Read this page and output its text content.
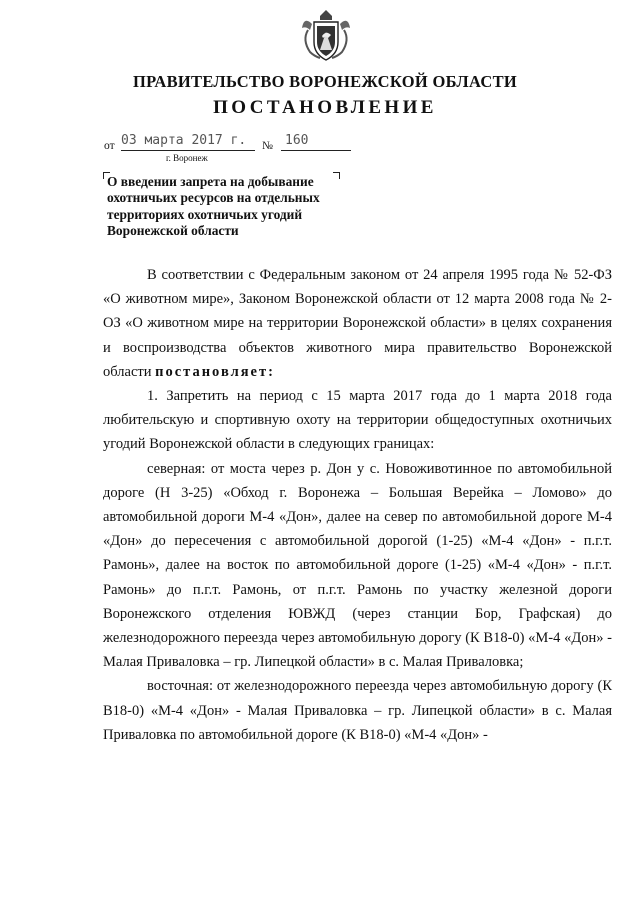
ПРАВИТЕЛЬСТВО ВОРОНЕЖСКОЙ ОБЛАСТИ
ПОСТАНОВЛЕНИЕ
от 03 марта 2017 г.	№ 160
г. Воронеж
О введении запрета на добывание
охотничьих ресурсов на отдельных
территориях охотничьих угодий
Воронежской области

В соответствии с Федеральным законом от 24 апреля 1995 года № 52-ФЗ «О животном мире», Законом Воронежской области от 12 марта 2008 года № 2-ОЗ «О животном мире на территории Воронежской области» в целях сохранения и воспроизводства объектов животного мира правительство Воронежской области постановляет:

1. Запретить на период с 15 марта 2017 года до 1 марта 2018 года любительскую и спортивную охоту на территории общедоступных охотничьих угодий Воронежской области в следующих границах:

северная: от моста через р. Дон у с. Новоживотинное по автомобильной дороге (Н 3-25) «Обход г. Воронежа – Большая Верейка – Ломово» до автомобильной дороги М-4 «Дон», далее на север по автомобильной дороге М-4 «Дон» до пересечения с автомобильной дорогой (1-25) «М-4 «Дон» - п.г.т. Рамонь», далее на восток по автомобильной дороге (1-25) «М-4 «Дон» - п.г.т. Рамонь» до п.г.т. Рамонь, от п.г.т. Рамонь по участку железной дороги Воронежского отделения ЮВЖД (через станции Бор, Графская) до железнодорожного переезда через автомобильную дорогу (К В18-0) «М-4 «Дон» - Малая Приваловка – гр. Липецкой области» в с. Малая Приваловка;

восточная: от железнодорожного переезда через автомобильную дорогу (К В18-0) «М-4 «Дон» - Малая Приваловка – гр. Липецкой области» в с. Малая Приваловка по автомобильной дороге (К В18-0) «М-4 «Дон» -
